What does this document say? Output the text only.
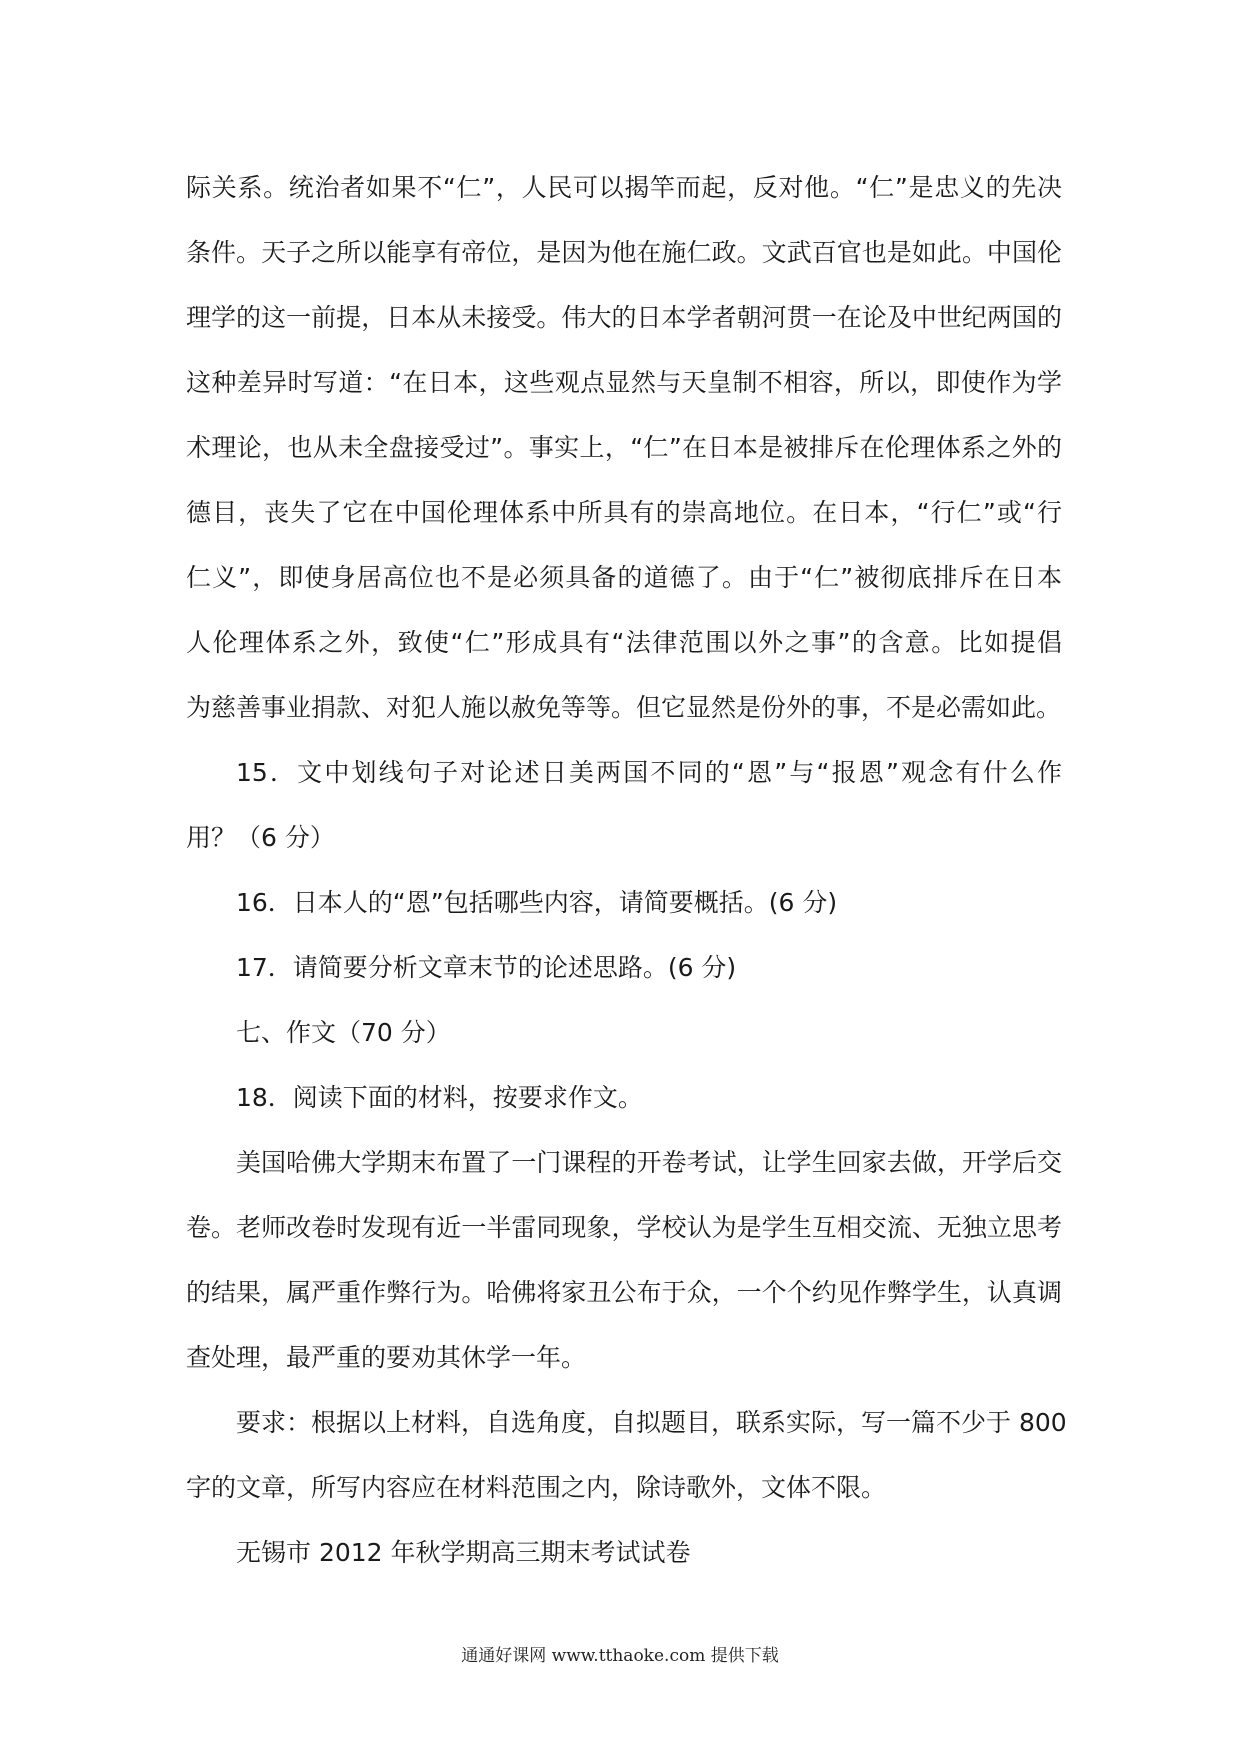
际关系。统治者如果不“仁”，人民可以揭竿而起，反对他。“仁”是忠义的先决
条件。天子之所以能享有帝位，是因为他在施仁政。文武百官也是如此。中国伦
理学的这一前提，日本从未接受。伟大的日本学者朝河贯一在论及中世纪两国的
这种差异时写道：“在日本，这些观点显然与天皇制不相容，所以，即使作为学
术理论，也从未全盘接受过”。事实上，“仁”在日本是被排斥在伦理体系之外的
德目，丧失了它在中国伦理体系中所具有的崇高地位。在日本，“行仁”或“行
仁义”，即使身居高位也不是必须具备的道德了。由于“仁”被彻底排斥在日本
人伦理体系之外，致使“仁”形成具有“法律范围以外之事”的含意。比如提倡
为慈善事业捐款、对犯人施以赦免等等。但它显然是份外的事，不是必需如此。
15．文中划线句子对论述日美两国不同的“恩”与“报恩”观念有什么作
用？（6 分）
16．日本人的“恩”包括哪些内容，请简要概括。(6 分)
17．请简要分析文章末节的论述思路。(6 分)
七、作文（70 分）
18．阅读下面的材料，按要求作文。
美国哈佛大学期末布置了一门课程的开卷考试，让学生回家去做，开学后交
卷。老师改卷时发现有近一半雷同现象，学校认为是学生互相交流、无独立思考
的结果，属严重作弊行为。哈佛将家丑公布于众，一个个约见作弊学生，认真调
查处理，最严重的要劝其休学一年。
要求：根据以上材料，自选角度，自拟题目，联系实际，写一篇不少于 800
字的文章，所写内容应在材料范围之内，除诗歌外，文体不限。
无锡市 2012 年秋学期高三期末考试试卷
通通好课网 www.tthaoke.com 提供下载
